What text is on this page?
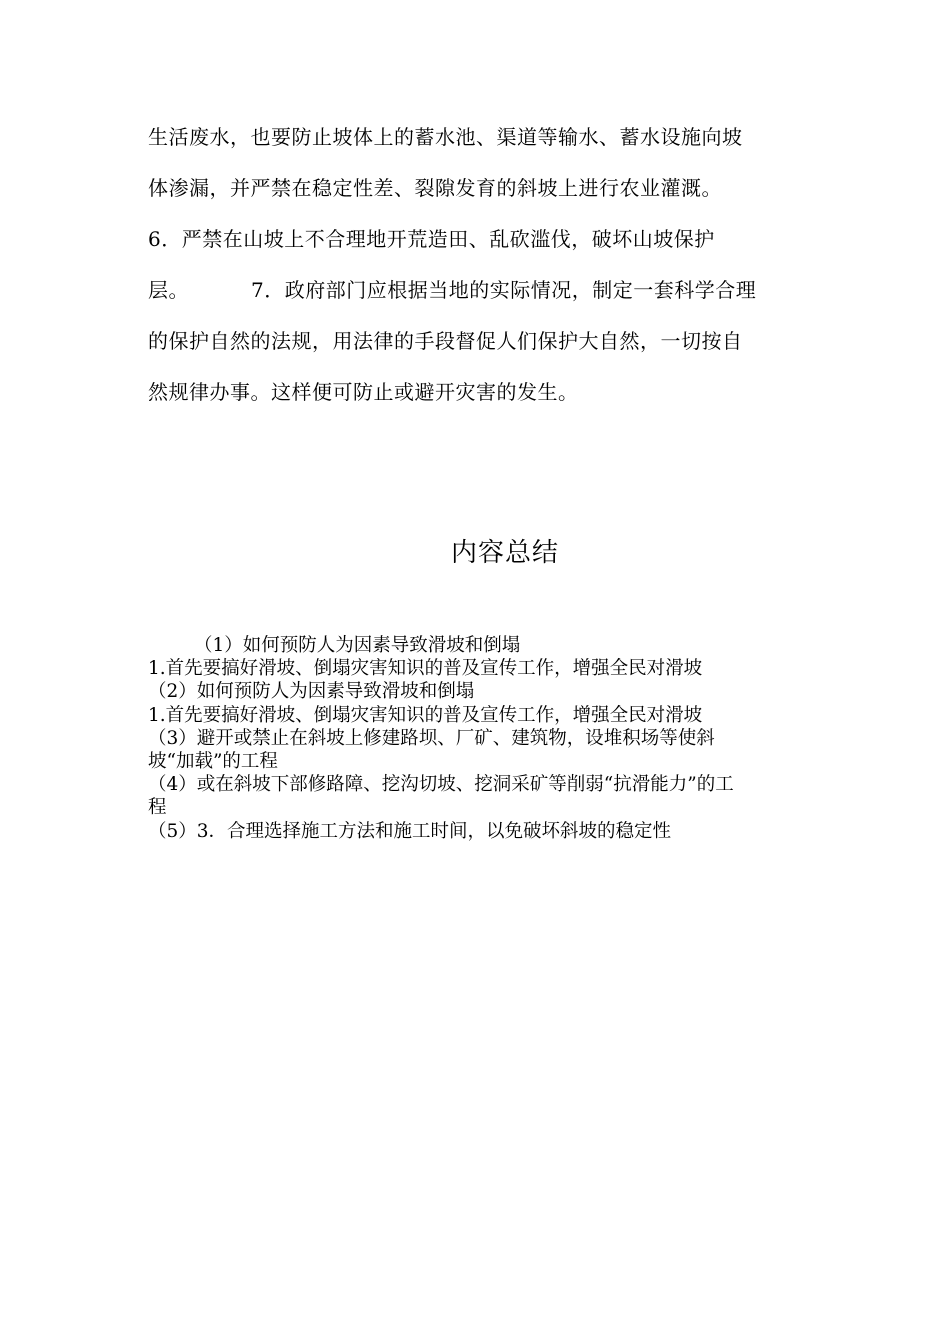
生活废水，也要防止坡体上的蓄水池、渠道等输水、蓄水设施向坡
体渗漏，并严禁在稳定性差、裂隙发育的斜坡上进行农业灌溉。
6．严禁在山坡上不合理地开荒造田、乱砍滥伐，破坏山坡保护
层。	7．政府部门应根据当地的实际情况，制定一套科学合理
的保护自然的法规，用法律的手段督促人们保护大自然，一切按自
然规律办事。这样便可防止或避开灾害的发生。
内容总结
（1）如何预防人为因素导致滑坡和倒塌
1.首先要搞好滑坡、倒塌灾害知识的普及宣传工作，增强全民对滑坡
（2）如何预防人为因素导致滑坡和倒塌
1.首先要搞好滑坡、倒塌灾害知识的普及宣传工作，增强全民对滑坡
（3）避开或禁止在斜坡上修建路坝、厂矿、建筑物，设堆积场等使斜
坡“加载”的工程
（4）或在斜坡下部修路障、挖沟切坡、挖洞采矿等削弱“抗滑能力”的工
程
（5）3．合理选择施工方法和施工时间，以免破坏斜坡的稳定性
